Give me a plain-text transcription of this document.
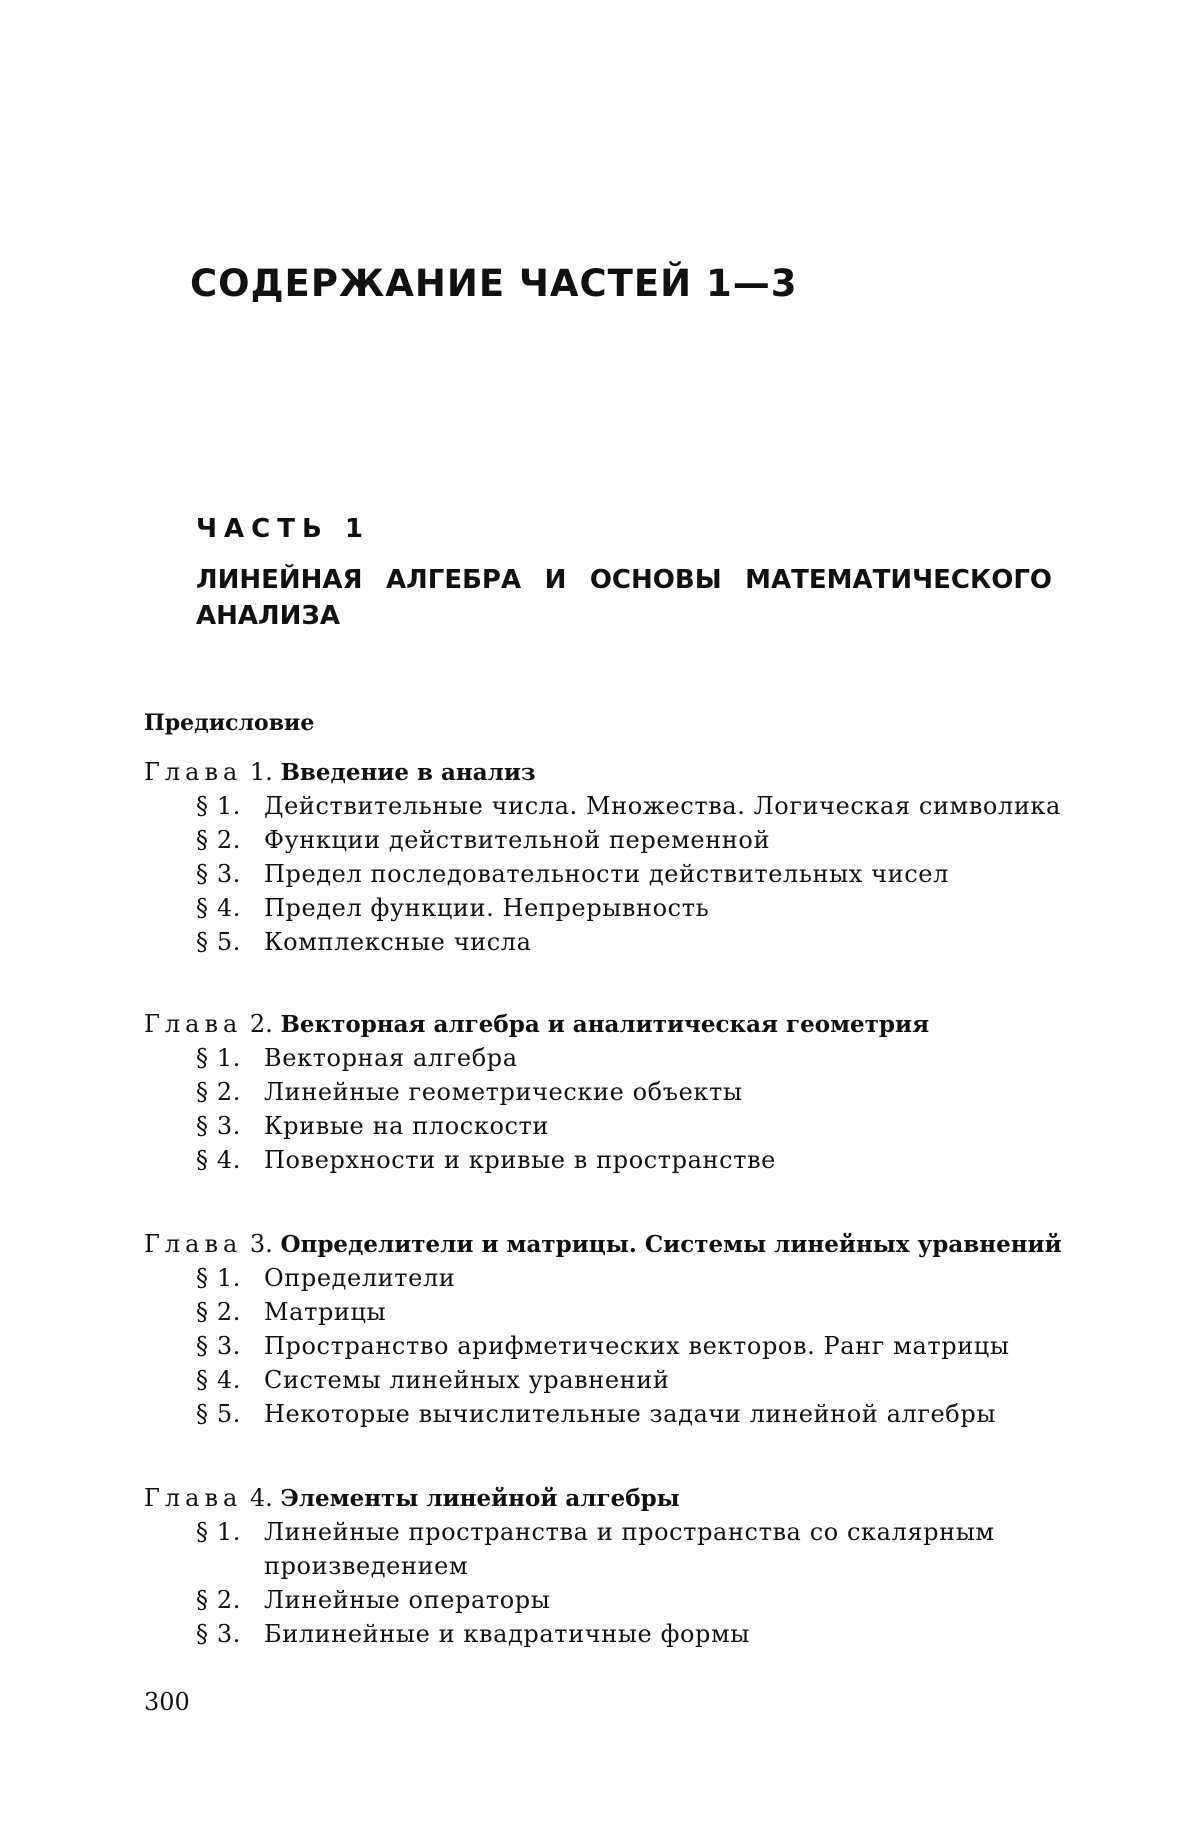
СОДЕРЖАНИЕ ЧАСТЕЙ 1—3
ЧАСТЬ 1
ЛИНЕЙНАЯ АЛГЕБРА И ОСНОВЫ МАТЕМАТИЧЕСКОГО
АНАЛИЗА
Предисловие
Глава 1. Введение в анализ
§ 1. Действительные числа. Множества. Логическая символика
§ 2. Функции действительной переменной
§ 3. Предел последовательности действительных чисел
§ 4. Предел функции. Непрерывность
§ 5. Комплексные числа
Глава 2. Векторная алгебра и аналитическая геометрия
§ 1. Векторная алгебра
§ 2. Линейные геометрические объекты
§ 3. Кривые на плоскости
§ 4. Поверхности и кривые в пространстве
Глава 3. Определители и матрицы. Системы линейных уравнений
§ 1. Определители
§ 2. Матрицы
§ 3. Пространство арифметических векторов. Ранг матрицы
§ 4. Системы линейных уравнений
§ 5. Некоторые вычислительные задачи линейной алгебры
Глава 4. Элементы линейной алгебры
§ 1. Линейные пространства и пространства со скалярным
произведением
§ 2. Линейные операторы
§ 3. Билинейные и квадратичные формы
300
